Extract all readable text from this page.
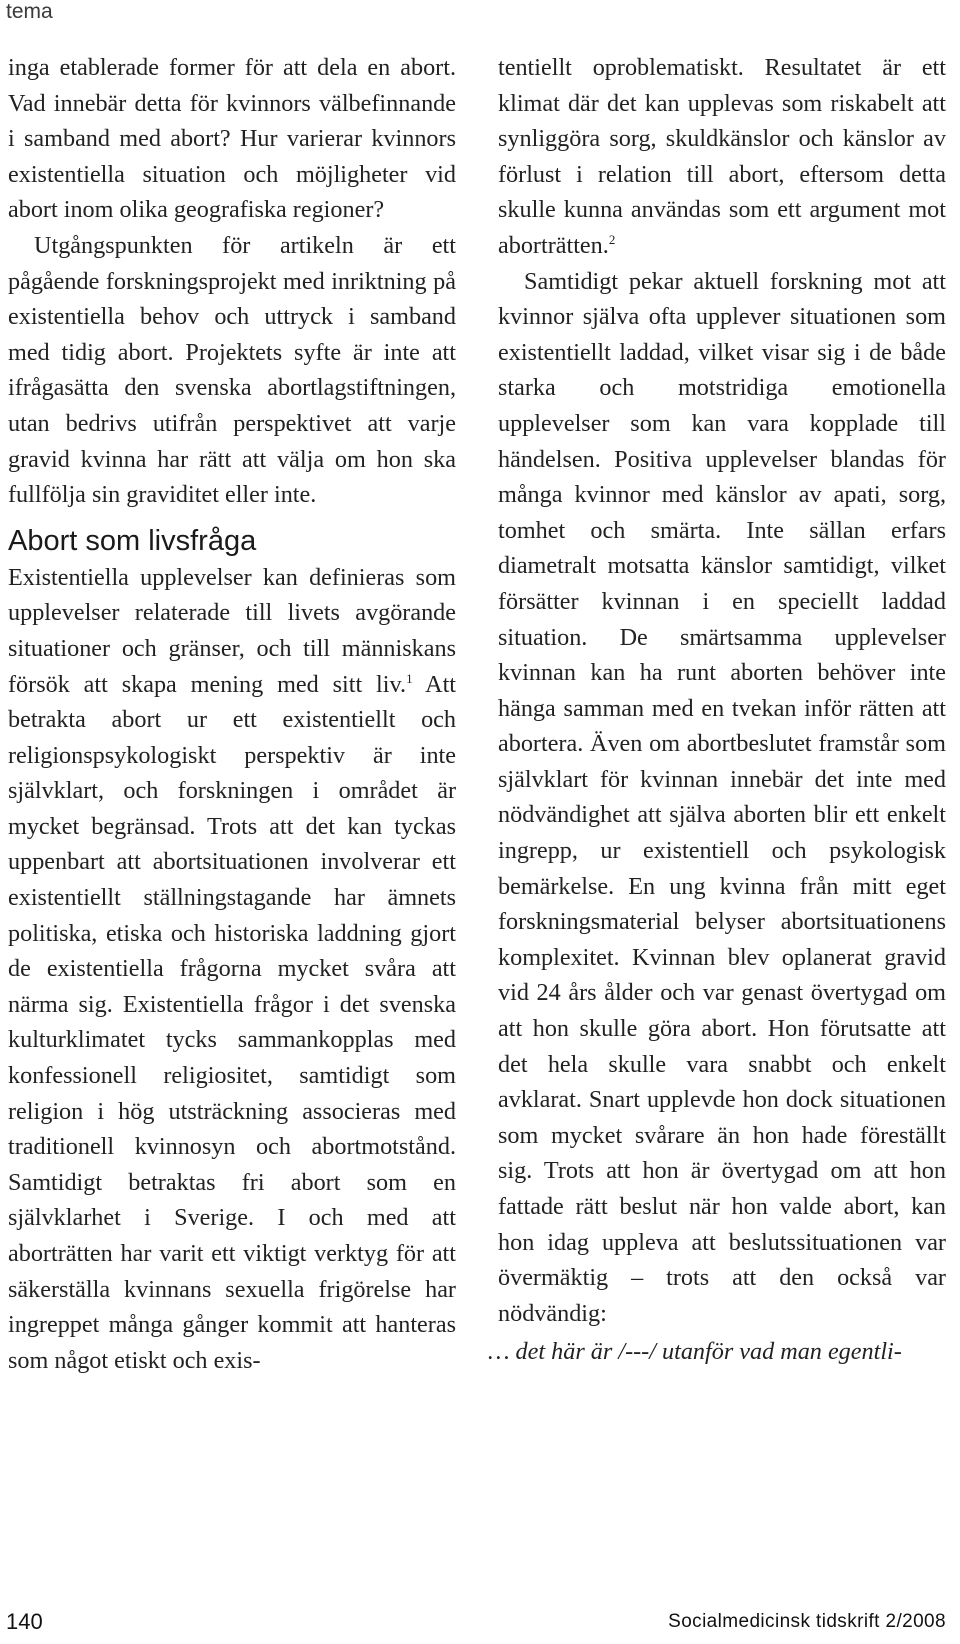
tema

inga etablerade former för att dela en abort. Vad innebär detta för kvinnors välbefinnande i samband med abort? Hur varierar kvinnors existentiella situation och möjligheter vid abort inom olika geografiska regioner?

Utgångspunkten för artikeln är ett pågående forskningsprojekt med inriktning på existentiella behov och uttryck i samband med tidig abort. Projektets syfte är inte att ifrågasätta den svenska abortlagstiftningen, utan bedrivs utifrån perspektivet att varje gravid kvinna har rätt att välja om hon ska fullfölja sin graviditet eller inte.

Abort som livsfråga

Existentiella upplevelser kan definieras som upplevelser relaterade till livets avgörande situationer och gränser, och till människans försök att skapa mening med sitt liv.$^1$ Att betrakta abort ur ett existentiellt och religionspsykologiskt perspektiv är inte självklart, och forskningen i området är mycket begränsad. Trots att det kan tyckas uppenbart att abortsituationen involverar ett existentiellt ställningstagande har ämnets politiska, etiska och historiska laddning gjort de existentiella frågorna mycket svåra att närma sig. Existentiella frågor i det svenska kulturklimatet tycks sammankopplas med konfessionell religiositet, samtidigt som religion i hög utsträckning associeras med traditionell kvinnosyn och abortmotstånd. Samtidigt betraktas fri abort som en självklarhet i Sverige. I och med att aborträtten har varit ett viktigt verktyg för att säkerställa kvinnans sexuella frigörelse har ingreppet många gånger kommit att hanteras som något etiskt och exis-

tentiellt oproblematiskt. Resultatet är ett klimat där det kan upplevas som riskabelt att synliggöra sorg, skuldkänslor och känslor av förlust i relation till abort, eftersom detta skulle kunna användas som ett argument mot aborträtten.$^2$

Samtidigt pekar aktuell forskning mot att kvinnor själva ofta upplever situationen som existentiellt laddad, vilket visar sig i de både starka och motstridiga emotionella upplevelser som kan vara kopplade till händelsen. Positiva upplevelser blandas för många kvinnor med känslor av apati, sorg, tomhet och smärta. Inte sällan erfars diametralt motsatta känslor samtidigt, vilket försätter kvinnan i en speciellt laddad situation. De smärtsamma upplevelser kvinnan kan ha runt aborten behöver inte hänga samman med en tvekan inför rätten att abortera. Även om abortbeslutet framstår som självklart för kvinnan innebär det inte med nödvändighet att själva aborten blir ett enkelt ingrepp, ur existentiell och psykologisk bemärkelse. En ung kvinna från mitt eget forskningsmaterial belyser abortsituationens komplexitet. Kvinnan blev oplanerat gravid vid 24 års ålder och var genast övertygad om att hon skulle göra abort. Hon förutsatte att det hela skulle vara snabbt och enkelt avklarat. Snart upplevde hon dock situationen som mycket svårare än hon hade föreställt sig. Trots att hon är övertygad om att hon fattade rätt beslut när hon valde abort, kan hon idag uppleva att beslutssituationen var övermäktig – trots att den också var nödvändig:

… det här är /---/ utanför vad man egentli-

140	Socialmedicinsk tidskrift 2/2008
